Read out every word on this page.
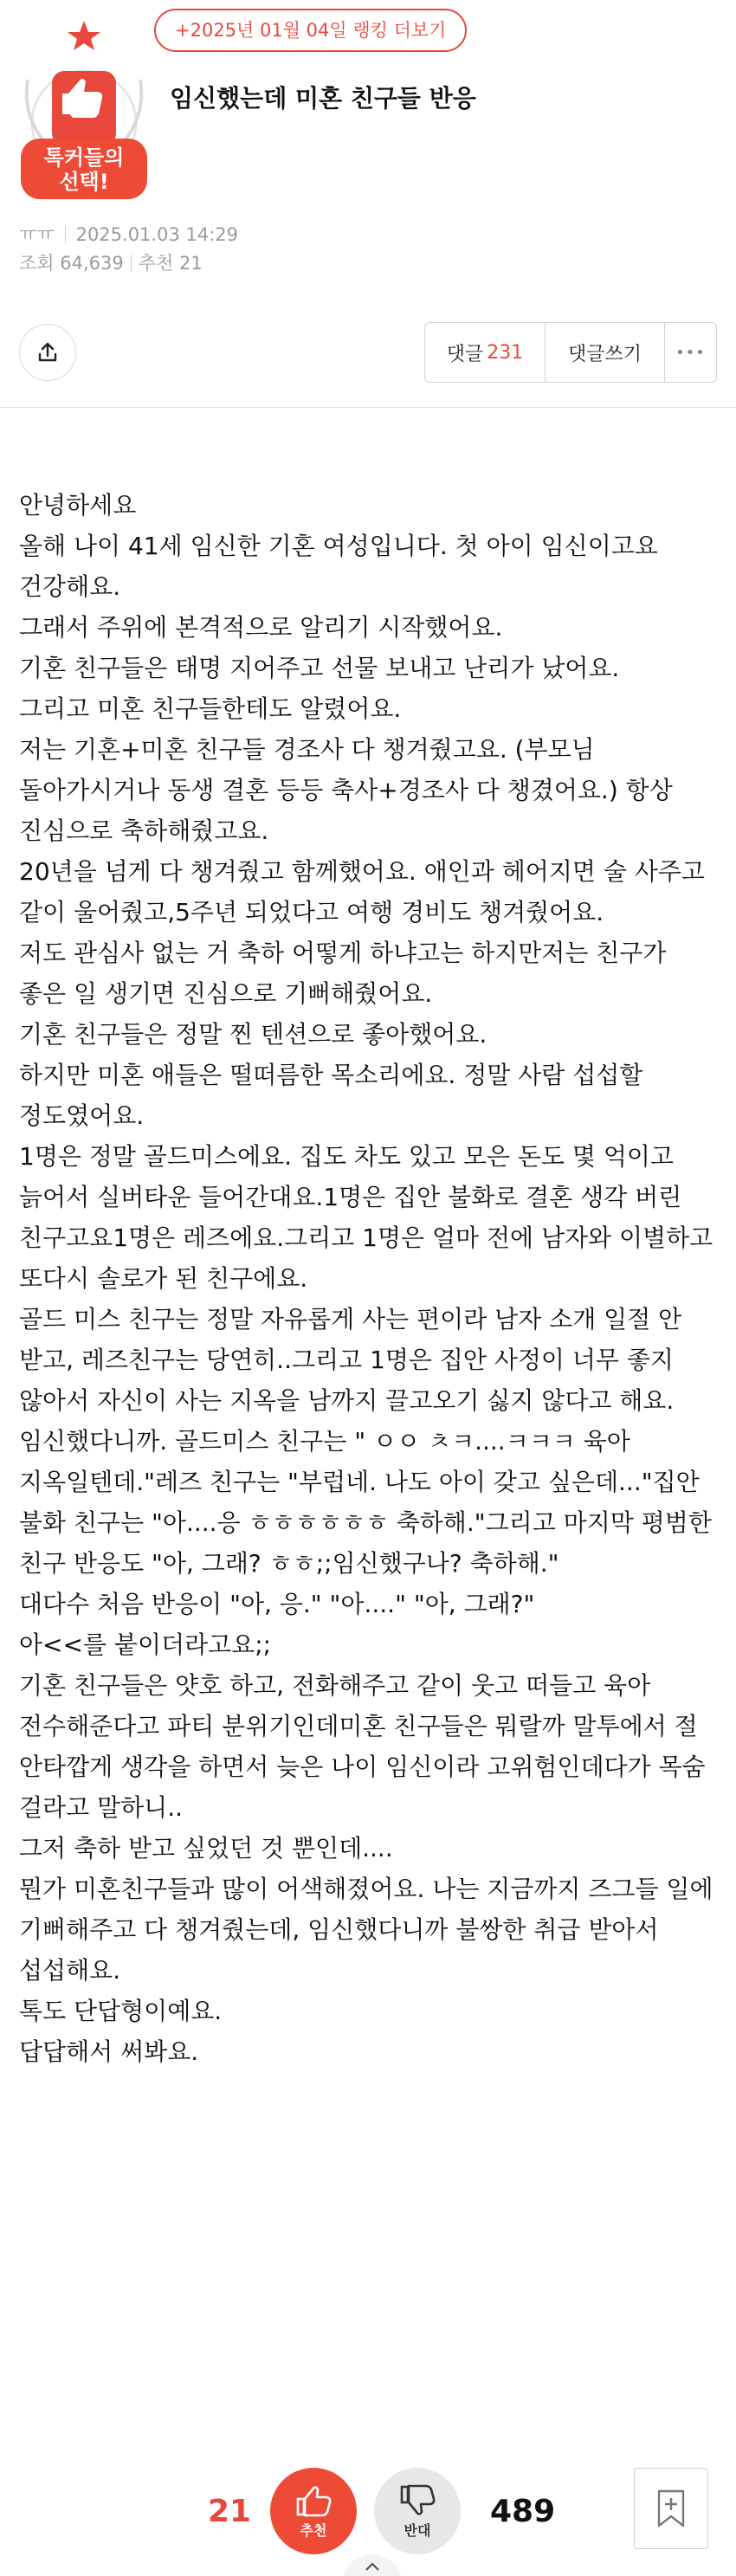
톡커들의
선택!
+2025년 01월 04일 랭킹 더보기
임신했는데 미혼 친구들 반응
ㅠㅠ 2025.01.03 14:29
조회 64,639 추천 21
댓글 231	댓글쓰기	•••

안녕하세요

올해 나이 41세 임신한 기혼 여성입니다. 첫 아이 임신이고요 건강해요.

그래서 주위에 본격적으로 알리기 시작했어요.

기혼 친구들은 태명 지어주고 선물 보내고 난리가 났어요.

그리고 미혼 친구들한테도 알렸어요.

저는 기혼+미혼 친구들 경조사 다 챙겨줬고요. (부모님 돌아가시거나 동생 결혼 등등 축사+경조사 다 챙겼어요.) 항상 진심으로 축하해줬고요.

20년을 넘게 다 챙겨줬고 함께했어요. 애인과 헤어지면 술 사주고 같이 울어줬고,5주년 되었다고 여행 경비도 챙겨줬어요.

저도 관심사 없는 거 축하 어떻게 하냐고는 하지만저는 친구가 좋은 일 생기면 진심으로 기뻐해줬어요.

기혼 친구들은 정말 찐 텐션으로 좋아했어요.

하지만 미혼 애들은 떨떠름한 목소리에요. 정말 사람 섭섭할 정도였어요.

1명은 정말 골드미스에요. 집도 차도 있고 모은 돈도 몇 억이고 늙어서 실버타운 들어간대요.1명은 집안 불화로 결혼 생각 버린 친구고요1명은 레즈에요.그리고 1명은 얼마 전에 남자와 이별하고 또다시 솔로가 된 친구에요.

골드 미스 친구는 정말 자유롭게 사는 편이라 남자 소개 일절 안 받고, 레즈친구는 당연히..그리고 1명은 집안 사정이 너무 좋지 않아서 자신이 사는 지옥을 남까지 끌고오기 싫지 않다고 해요.

임신했다니까. 골드미스 친구는 " ㅇㅇ ㅊㅋ....ㅋㅋㅋ 육아 지옥일텐데."레즈 친구는 "부럽네. 나도 아이 갖고 싶은데..."집안 불화 친구는 "아....응 ㅎㅎㅎㅎㅎㅎ 축하해."그리고 마지막 평범한 친구 반응도 "아, 그래? ㅎㅎ;;임신했구나? 축하해."

대다수 처음 반응이 "아, 응." "아...." "아, 그래?"

아<<를 붙이더라고요;;

기혼 친구들은 얏호 하고, 전화해주고 같이 웃고 떠들고 육아 전수해준다고 파티 분위기인데미혼 친구들은 뭐랄까 말투에서 절 안타깝게 생각을 하면서 늦은 나이 임신이라 고위험인데다가 목숨 걸라고 말하니..

그저 축하 받고 싶었던 것 뿐인데....

뭔가 미혼친구들과 많이 어색해졌어요. 나는 지금까지 즈그들 일에 기뻐해주고 다 챙겨줬는데, 임신했다니까 불쌍한 취급 받아서 섭섭해요.

톡도 단답형이예요.

답답해서 써봐요.

21
추천	반대
489
